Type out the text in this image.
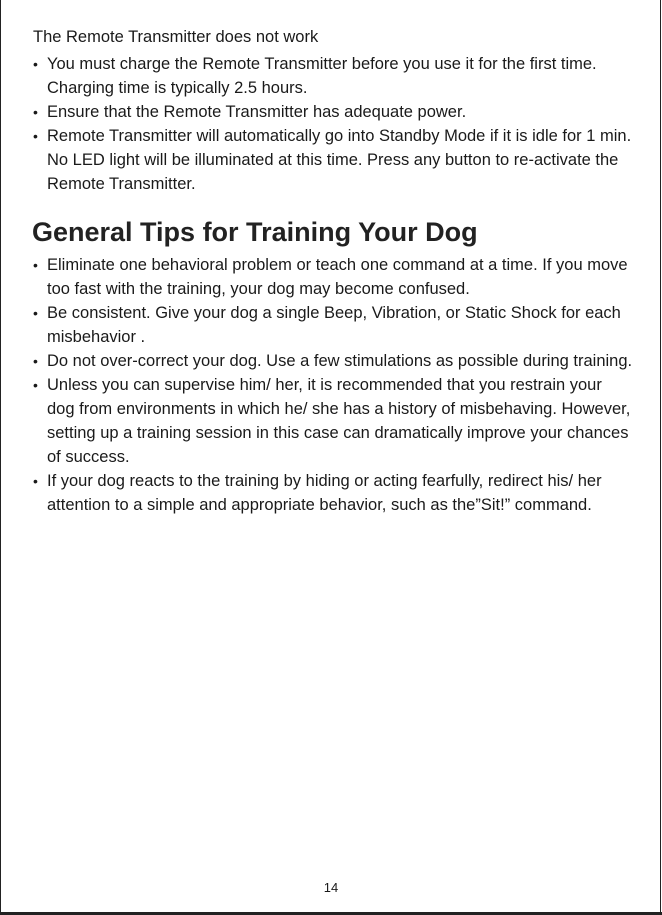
The Remote Transmitter does not work
• You must charge the Remote Transmitter before you use it for the first time. Charging time is typically 2.5 hours.
• Ensure that the Remote Transmitter has adequate power.
• Remote Transmitter will automatically go into Standby Mode if it is idle for 1 min. No LED light will be illuminated at this time. Press any button to re-activate the Remote Transmitter.
General Tips for Training Your Dog
• Eliminate one behavioral problem or teach one command at a time. If you move too fast with the training, your dog may become confused.
• Be consistent. Give your dog a single Beep, Vibration, or Static Shock for each misbehavior .
• Do not over-correct your dog. Use a few stimulations as possible during training.
• Unless you can supervise him/ her, it is recommended that you restrain your dog from environments in which he/ she has a history of misbehaving. However, setting up a training session in this case can dramatically improve your chances of success.
• If your dog reacts to the training by hiding or acting fearfully, redirect his/ her attention to a simple and appropriate behavior, such as the”Sit!” command.
14
